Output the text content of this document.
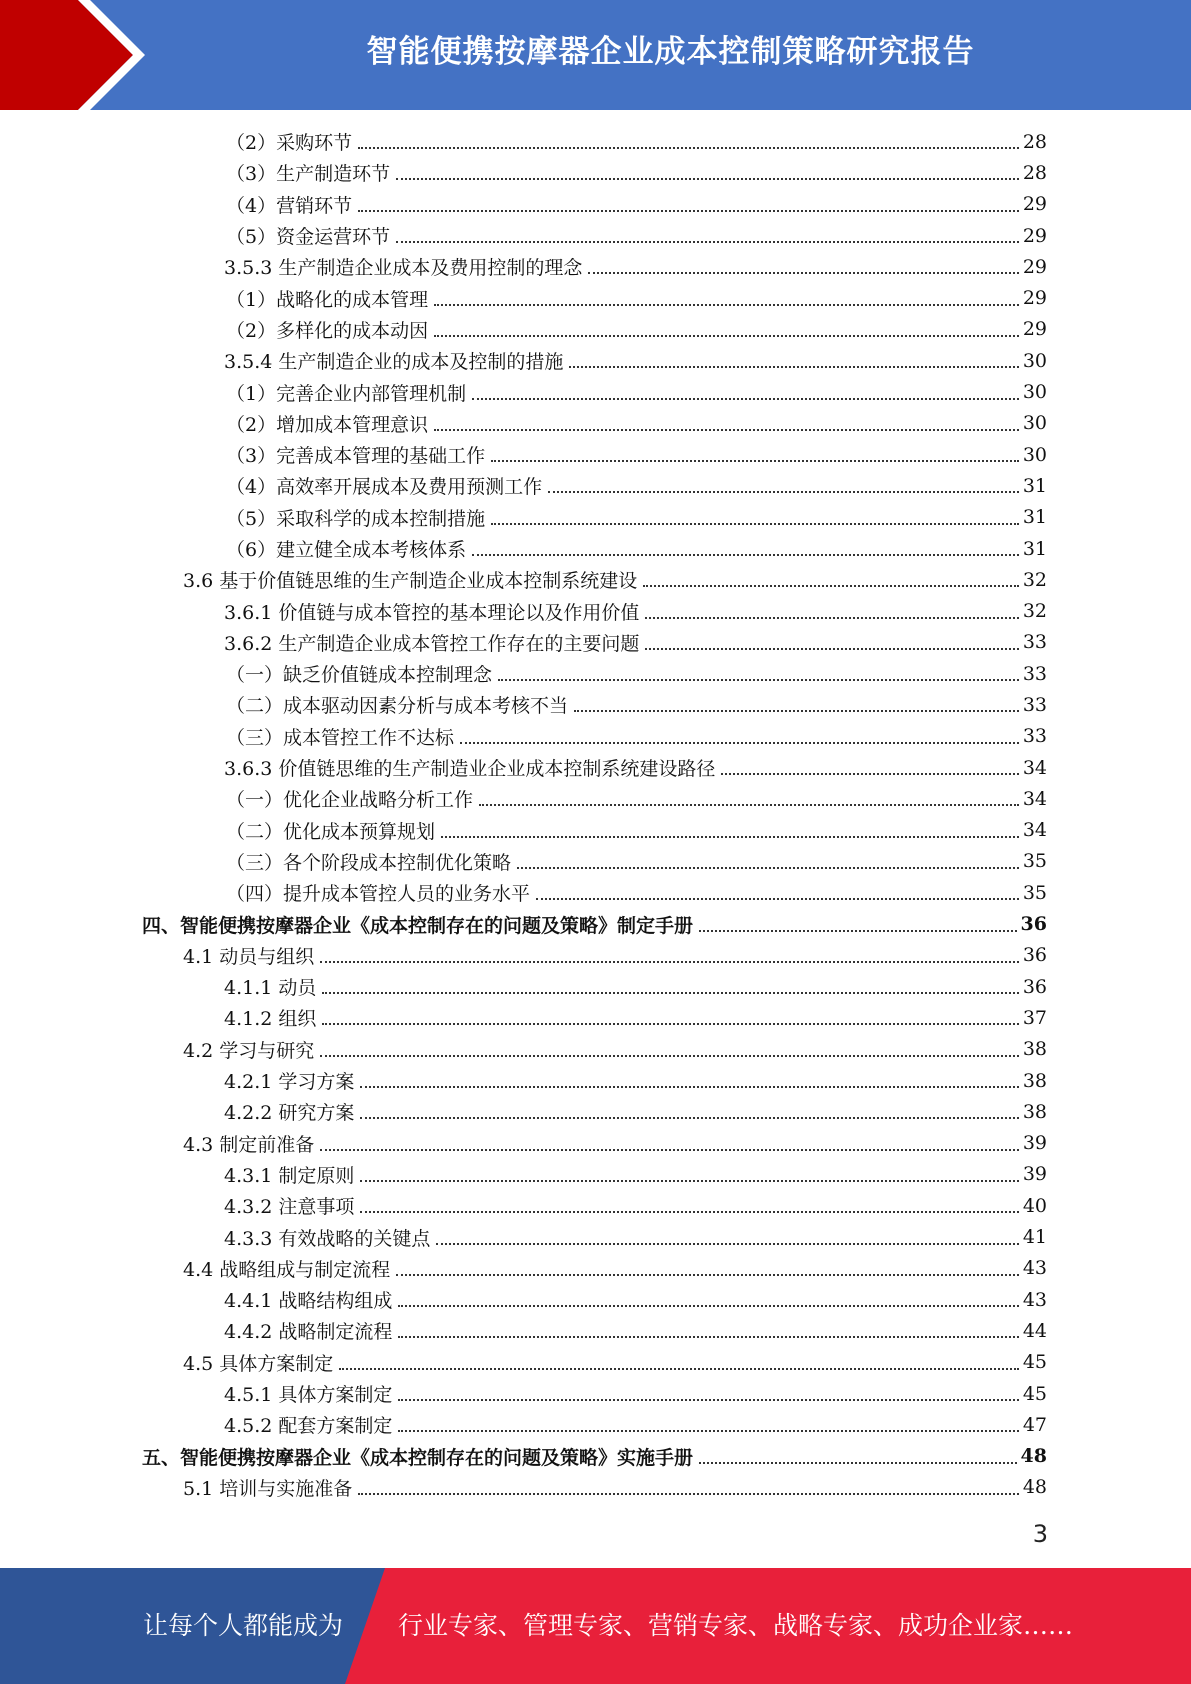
智能便携按摩器企业成本控制策略研究报告
（2）采购环节	28
（3）生产制造环节	28
（4）营销环节	29
（5）资金运营环节	29
3.5.3 生产制造企业成本及费用控制的理念	29
（1）战略化的成本管理	29
（2）多样化的成本动因	29
3.5.4 生产制造企业的成本及控制的措施	30
（1）完善企业内部管理机制	30
（2）增加成本管理意识	30
（3）完善成本管理的基础工作	30
（4）高效率开展成本及费用预测工作	31
（5）采取科学的成本控制措施	31
（6）建立健全成本考核体系	31
3.6 基于价值链思维的生产制造企业成本控制系统建设	32
3.6.1 价值链与成本管控的基本理论以及作用价值	32
3.6.2 生产制造企业成本管控工作存在的主要问题	33
（一）缺乏价值链成本控制理念	33
（二）成本驱动因素分析与成本考核不当	33
（三）成本管控工作不达标	33
3.6.3 价值链思维的生产制造业企业成本控制系统建设路径	34
（一）优化企业战略分析工作	34
（二）优化成本预算规划	34
（三）各个阶段成本控制优化策略	35
（四）提升成本管控人员的业务水平	35
四、智能便携按摩器企业《成本控制存在的问题及策略》制定手册	36
4.1 动员与组织	36
4.1.1 动员	36
4.1.2 组织	37
4.2 学习与研究	38
4.2.1 学习方案	38
4.2.2 研究方案	38
4.3 制定前准备	39
4.3.1 制定原则	39
4.3.2 注意事项	40
4.3.3 有效战略的关键点	41
4.4 战略组成与制定流程	43
4.4.1 战略结构组成	43
4.4.2 战略制定流程	44
4.5 具体方案制定	45
4.5.1 具体方案制定	45
4.5.2 配套方案制定	47
五、智能便携按摩器企业《成本控制存在的问题及策略》实施手册	48
5.1 培训与实施准备	48
3
让每个人都能成为 行业专家、管理专家、营销专家、战略专家、成功企业家……
